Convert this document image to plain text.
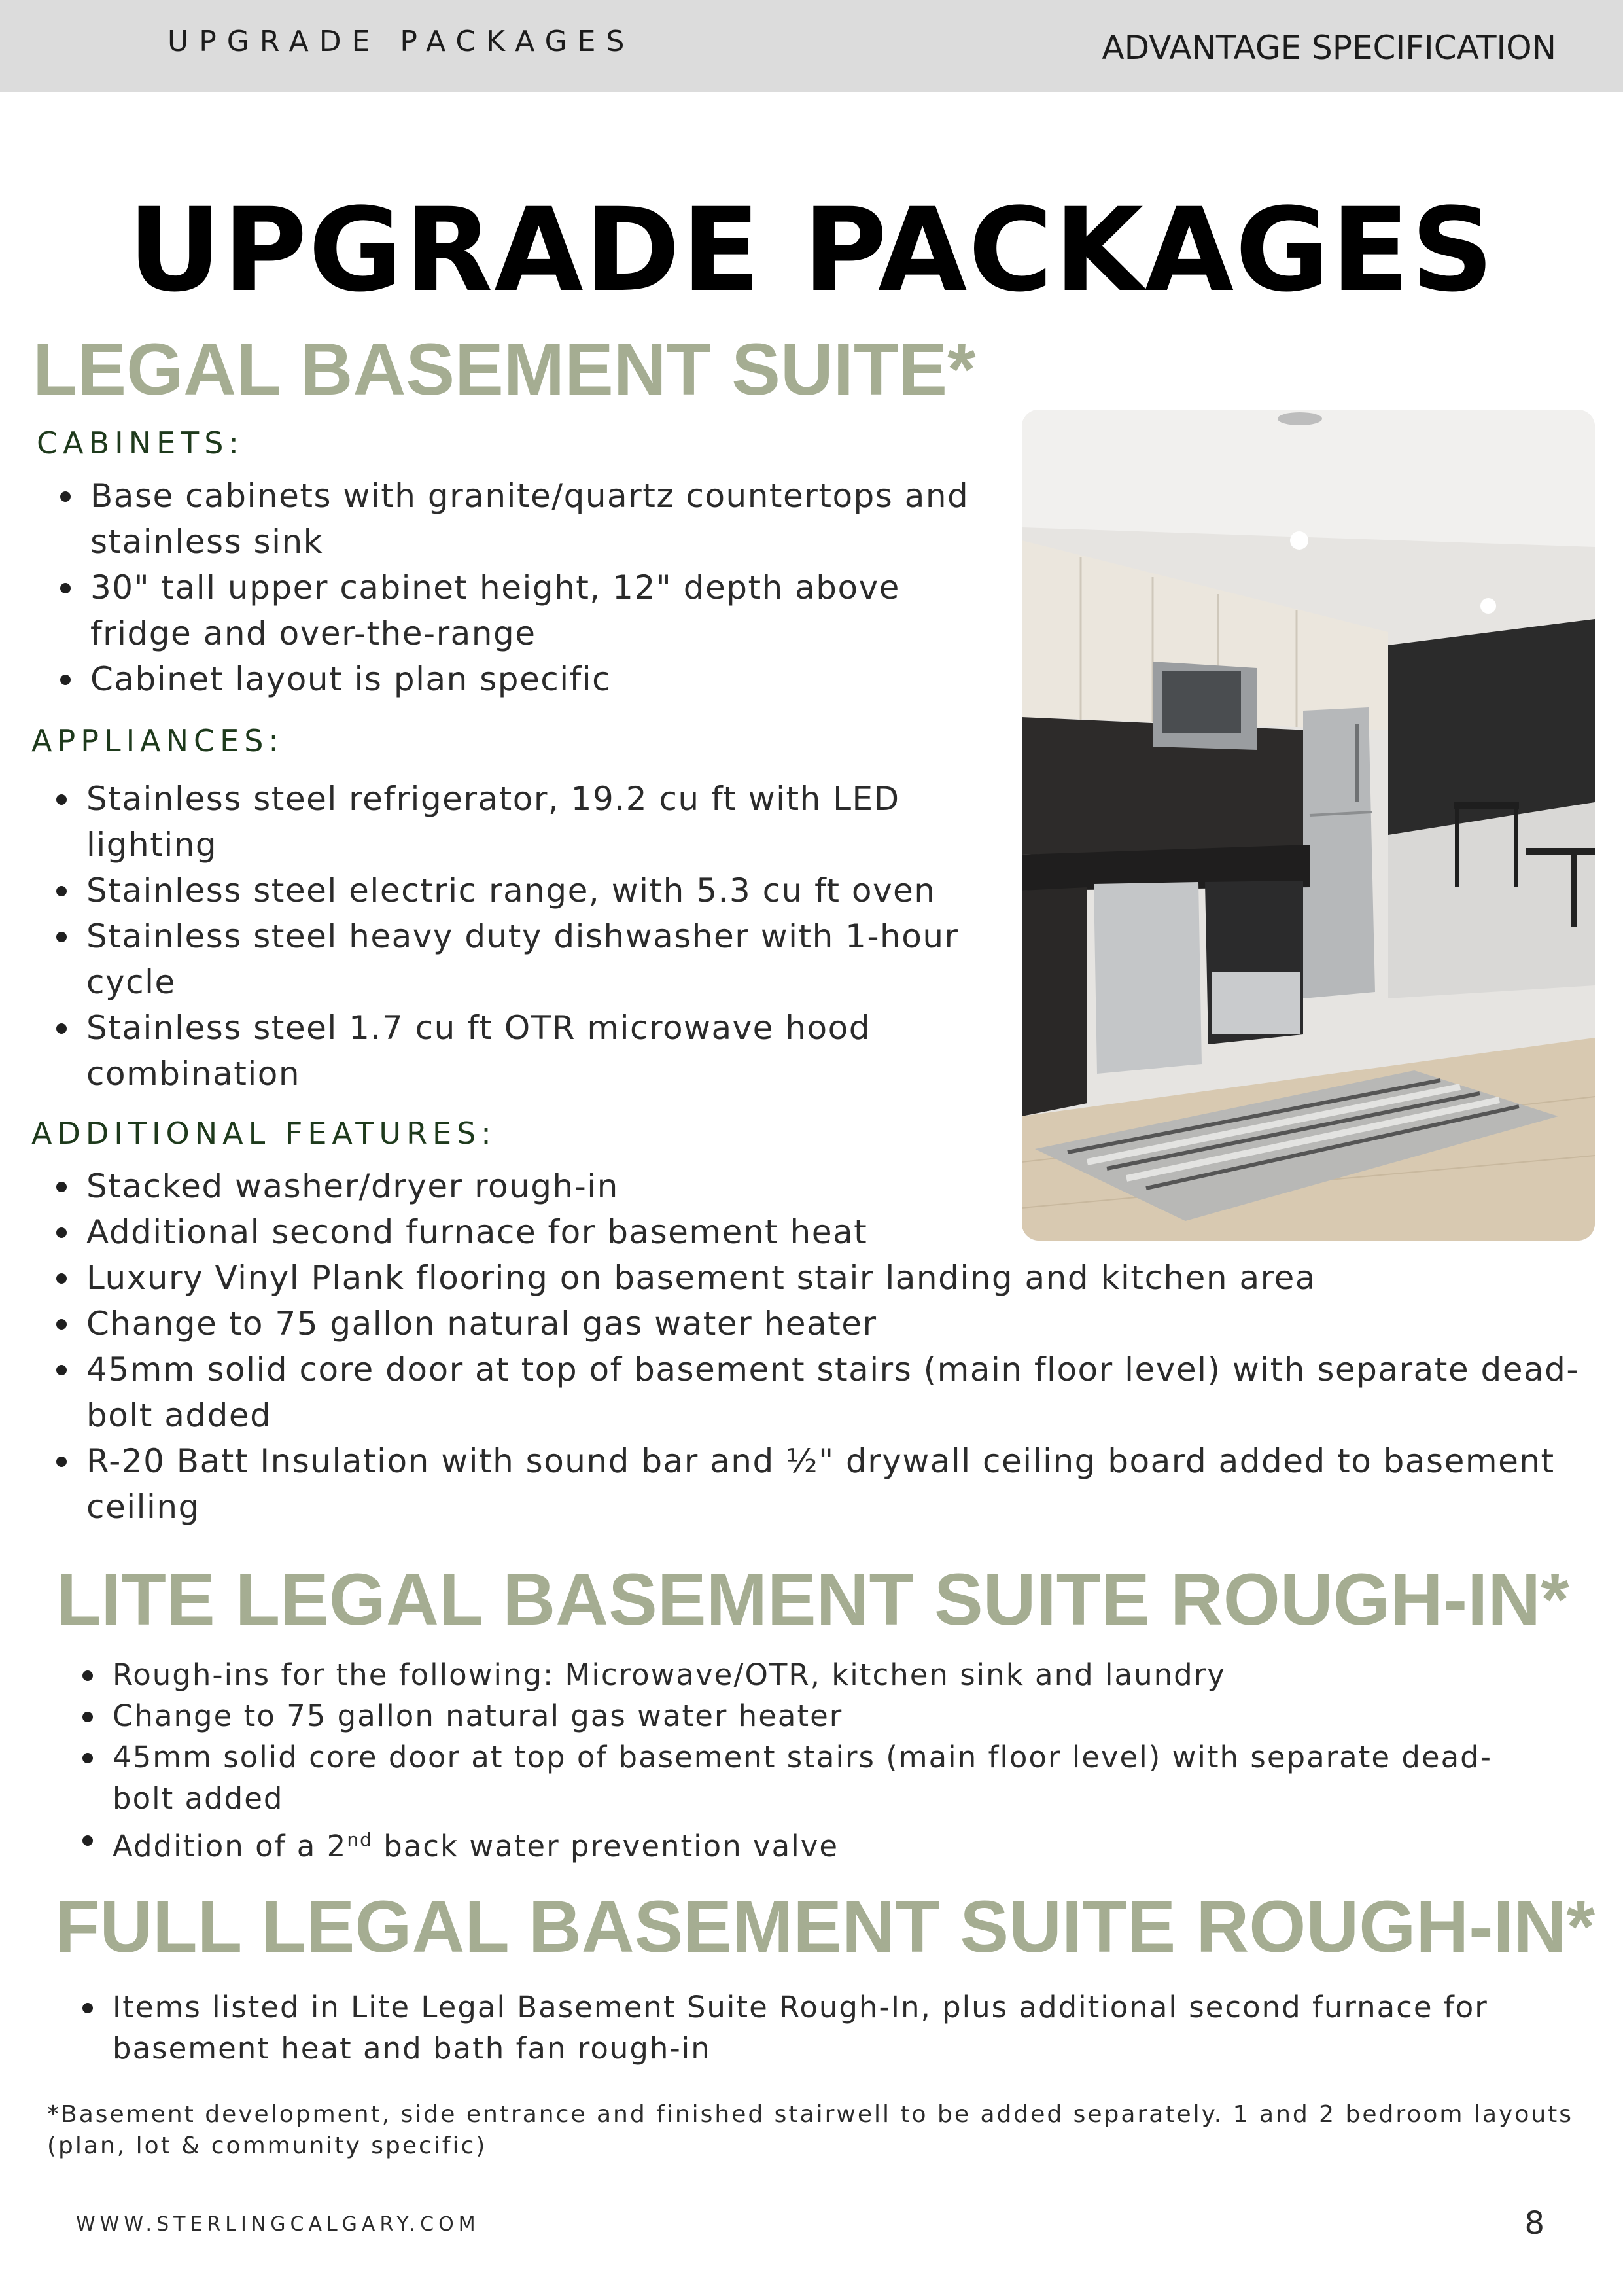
UPGRADE PACKAGES	ADVANTAGE SPECIFICATION
UPGRADE PACKAGES
LEGAL BASEMENT SUITE*
CABINETS:
Base cabinets with granite/quartz countertops and stainless sink
30" tall upper cabinet height, 12" depth above fridge and over-the-range
Cabinet layout is plan specific
APPLIANCES:
Stainless steel refrigerator, 19.2 cu ft with LED lighting
Stainless steel electric range, with 5.3 cu ft oven
Stainless steel heavy duty dishwasher with 1-hour cycle
Stainless steel 1.7 cu ft OTR microwave hood combination
ADDITIONAL FEATURES:
Stacked washer/dryer rough-in
Additional second furnace for basement heat
Luxury Vinyl Plank flooring on basement stair landing and kitchen area
Change to 75 gallon natural gas water heater
45mm solid core door at top of basement stairs (main floor level) with separate dead-bolt added
R-20 Batt Insulation with sound bar and ½" drywall ceiling board added to basement ceiling
LITE LEGAL BASEMENT SUITE ROUGH-IN*
Rough-ins for the following: Microwave/OTR, kitchen sink and laundry
Change to 75 gallon natural gas water heater
45mm solid core door at top of basement stairs (main floor level) with separate dead-bolt added
Addition of a 2nd back water prevention valve
FULL LEGAL BASEMENT SUITE ROUGH-IN*
Items listed in Lite Legal Basement Suite Rough-In, plus additional second furnace for basement heat and bath fan rough-in

*Basement development, side entrance and finished stairwell to be added separately. 1 and 2 bedroom layouts (plan, lot & community specific)

WWW.STERLINGCALGARY.COM	8
